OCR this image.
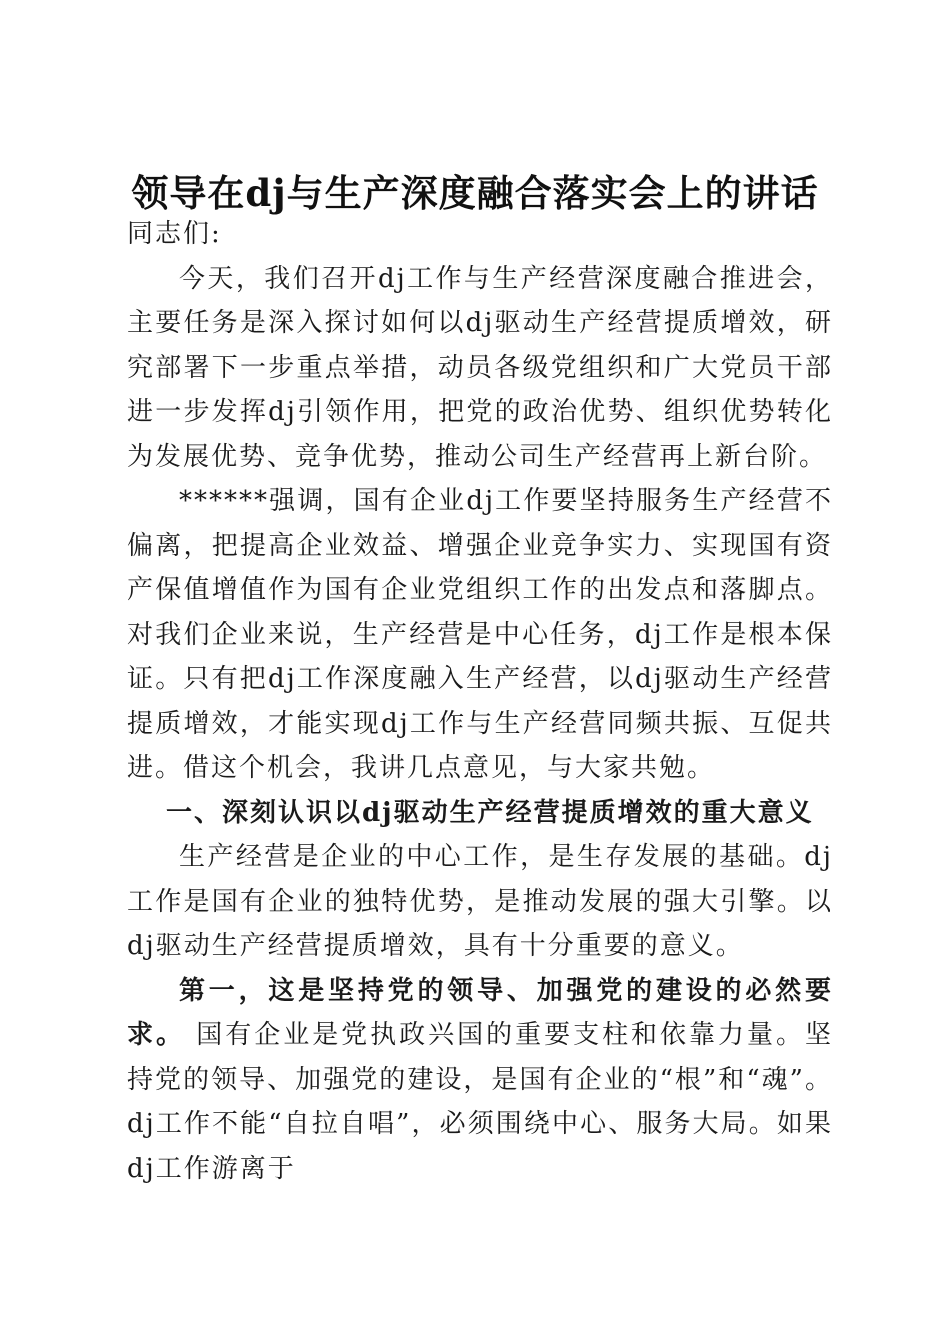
领导在dj与生产深度融合落实会上的讲话

同志们:

今天，我们召开dj工作与生产经营深度融合推进会，主要任务是深入探讨如何以dj驱动生产经营提质增效，研究部署下一步重点举措，动员各级党组织和广大党员干部进一步发挥dj引领作用，把党的政治优势、组织优势转化为发展优势、竞争优势，推动公司生产经营再上新台阶。

******强调，国有企业dj工作要坚持服务生产经营不偏离，把提高企业效益、增强企业竞争实力、实现国有资产保值增值作为国有企业党组织工作的出发点和落脚点。对我们企业来说，生产经营是中心任务，dj工作是根本保证。只有把dj工作深度融入生产经营，以dj驱动生产经营提质增效，才能实现dj工作与生产经营同频共振、互促共进。借这个机会，我讲几点意见，与大家共勉。

一、深刻认识以dj驱动生产经营提质增效的重大意义

生产经营是企业的中心工作，是生存发展的基础。dj工作是国有企业的独特优势，是推动发展的强大引擎。以dj驱动生产经营提质增效，具有十分重要的意义。

第一，这是坚持党的领导、加强党的建设的必然要求。 国有企业是党执政兴国的重要支柱和依靠力量。坚持党的领导、加强党的建设，是国有企业的“根”和“魂”。dj工作不能“自拉自唱”，必须围绕中心、服务大局。如果dj工作游离于
